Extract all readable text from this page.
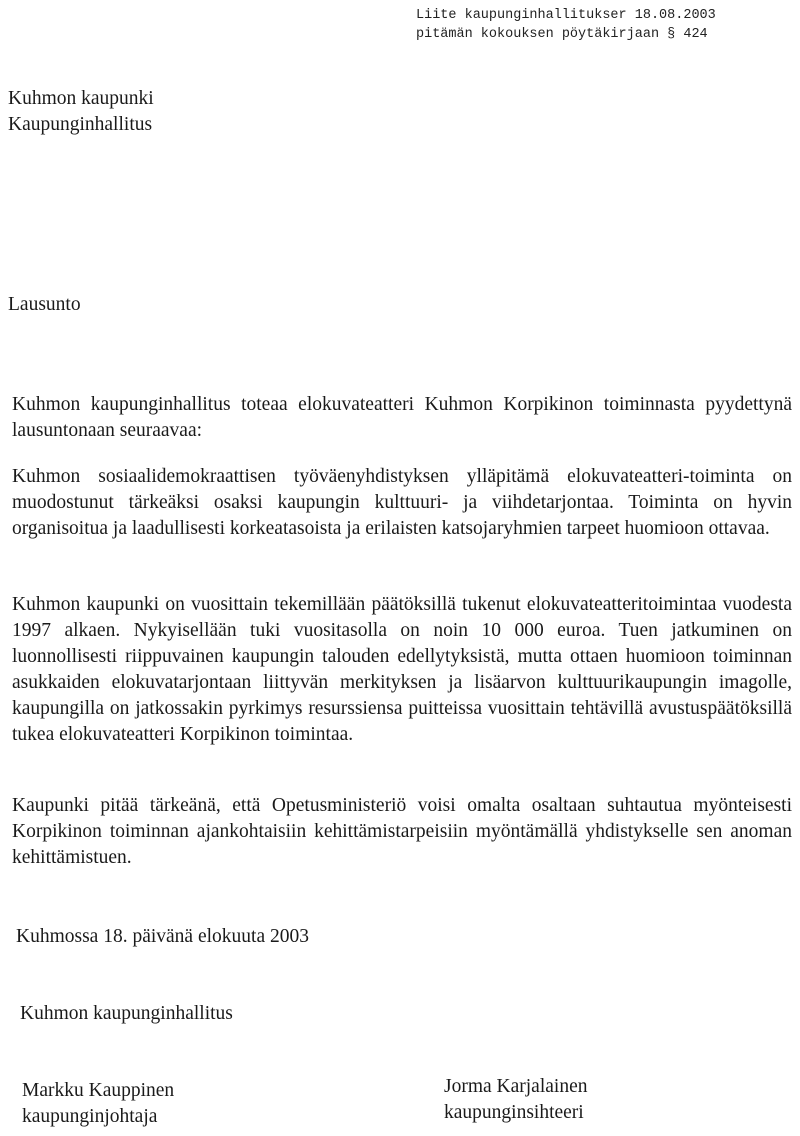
Liite kaupunginhallitukser 18.08.2003
pitämän kokouksen pöytäkirjaan § 424
Kuhmon kaupunki
Kaupunginhallitus
Lausunto

Kuhmon kaupunginhallitus toteaa elokuvateatteri Kuhmon Korpikinon toiminnasta pyydettynä lausuntonaan seuraavaa:

Kuhmon sosiaalidemokraattisen työväenyhdistyksen ylläpitämä elokuvateatteri-toiminta on muodostunut tärkeäksi osaksi kaupungin kulttuuri- ja viihdetarjontaa. Toiminta on hyvin organisoitua ja laadullisesti korkeatasoista ja erilaisten katsojaryhmien tarpeet huomioon ottavaa.

Kuhmon kaupunki on vuosittain tekemillään päätöksillä tukenut elokuvateatteritoimintaa vuodesta 1997 alkaen. Nykyisellään tuki vuositasolla on noin 10 000 euroa. Tuen jatkuminen on luonnollisesti riippuvainen kaupungin talouden edellytyksistä, mutta ottaen huomioon toiminnan asukkaiden elokuvatarjontaan liittyvän merkityksen ja lisäarvon kulttuurikaupungin imagolle, kaupungilla on jatkossakin pyrkimys resurssiensa puitteissa vuosittain tehtävillä avustuspäätöksillä tukea elokuvateatteri Korpikinon toimintaa.

Kaupunki pitää tärkeänä, että Opetusministeriö voisi omalta osaltaan suhtautua myönteisesti Korpikinon toiminnan ajankohtaisiin kehittämistarpeisiin myöntämällä yhdistykselle sen anoman kehittämistuen.

Kuhmossa 18. päivänä elokuuta 2003
Kuhmon kaupunginhallitus
Markku Kauppinen
kaupunginjohtaja
Jorma Karjalainen
kaupunginsihteeri
